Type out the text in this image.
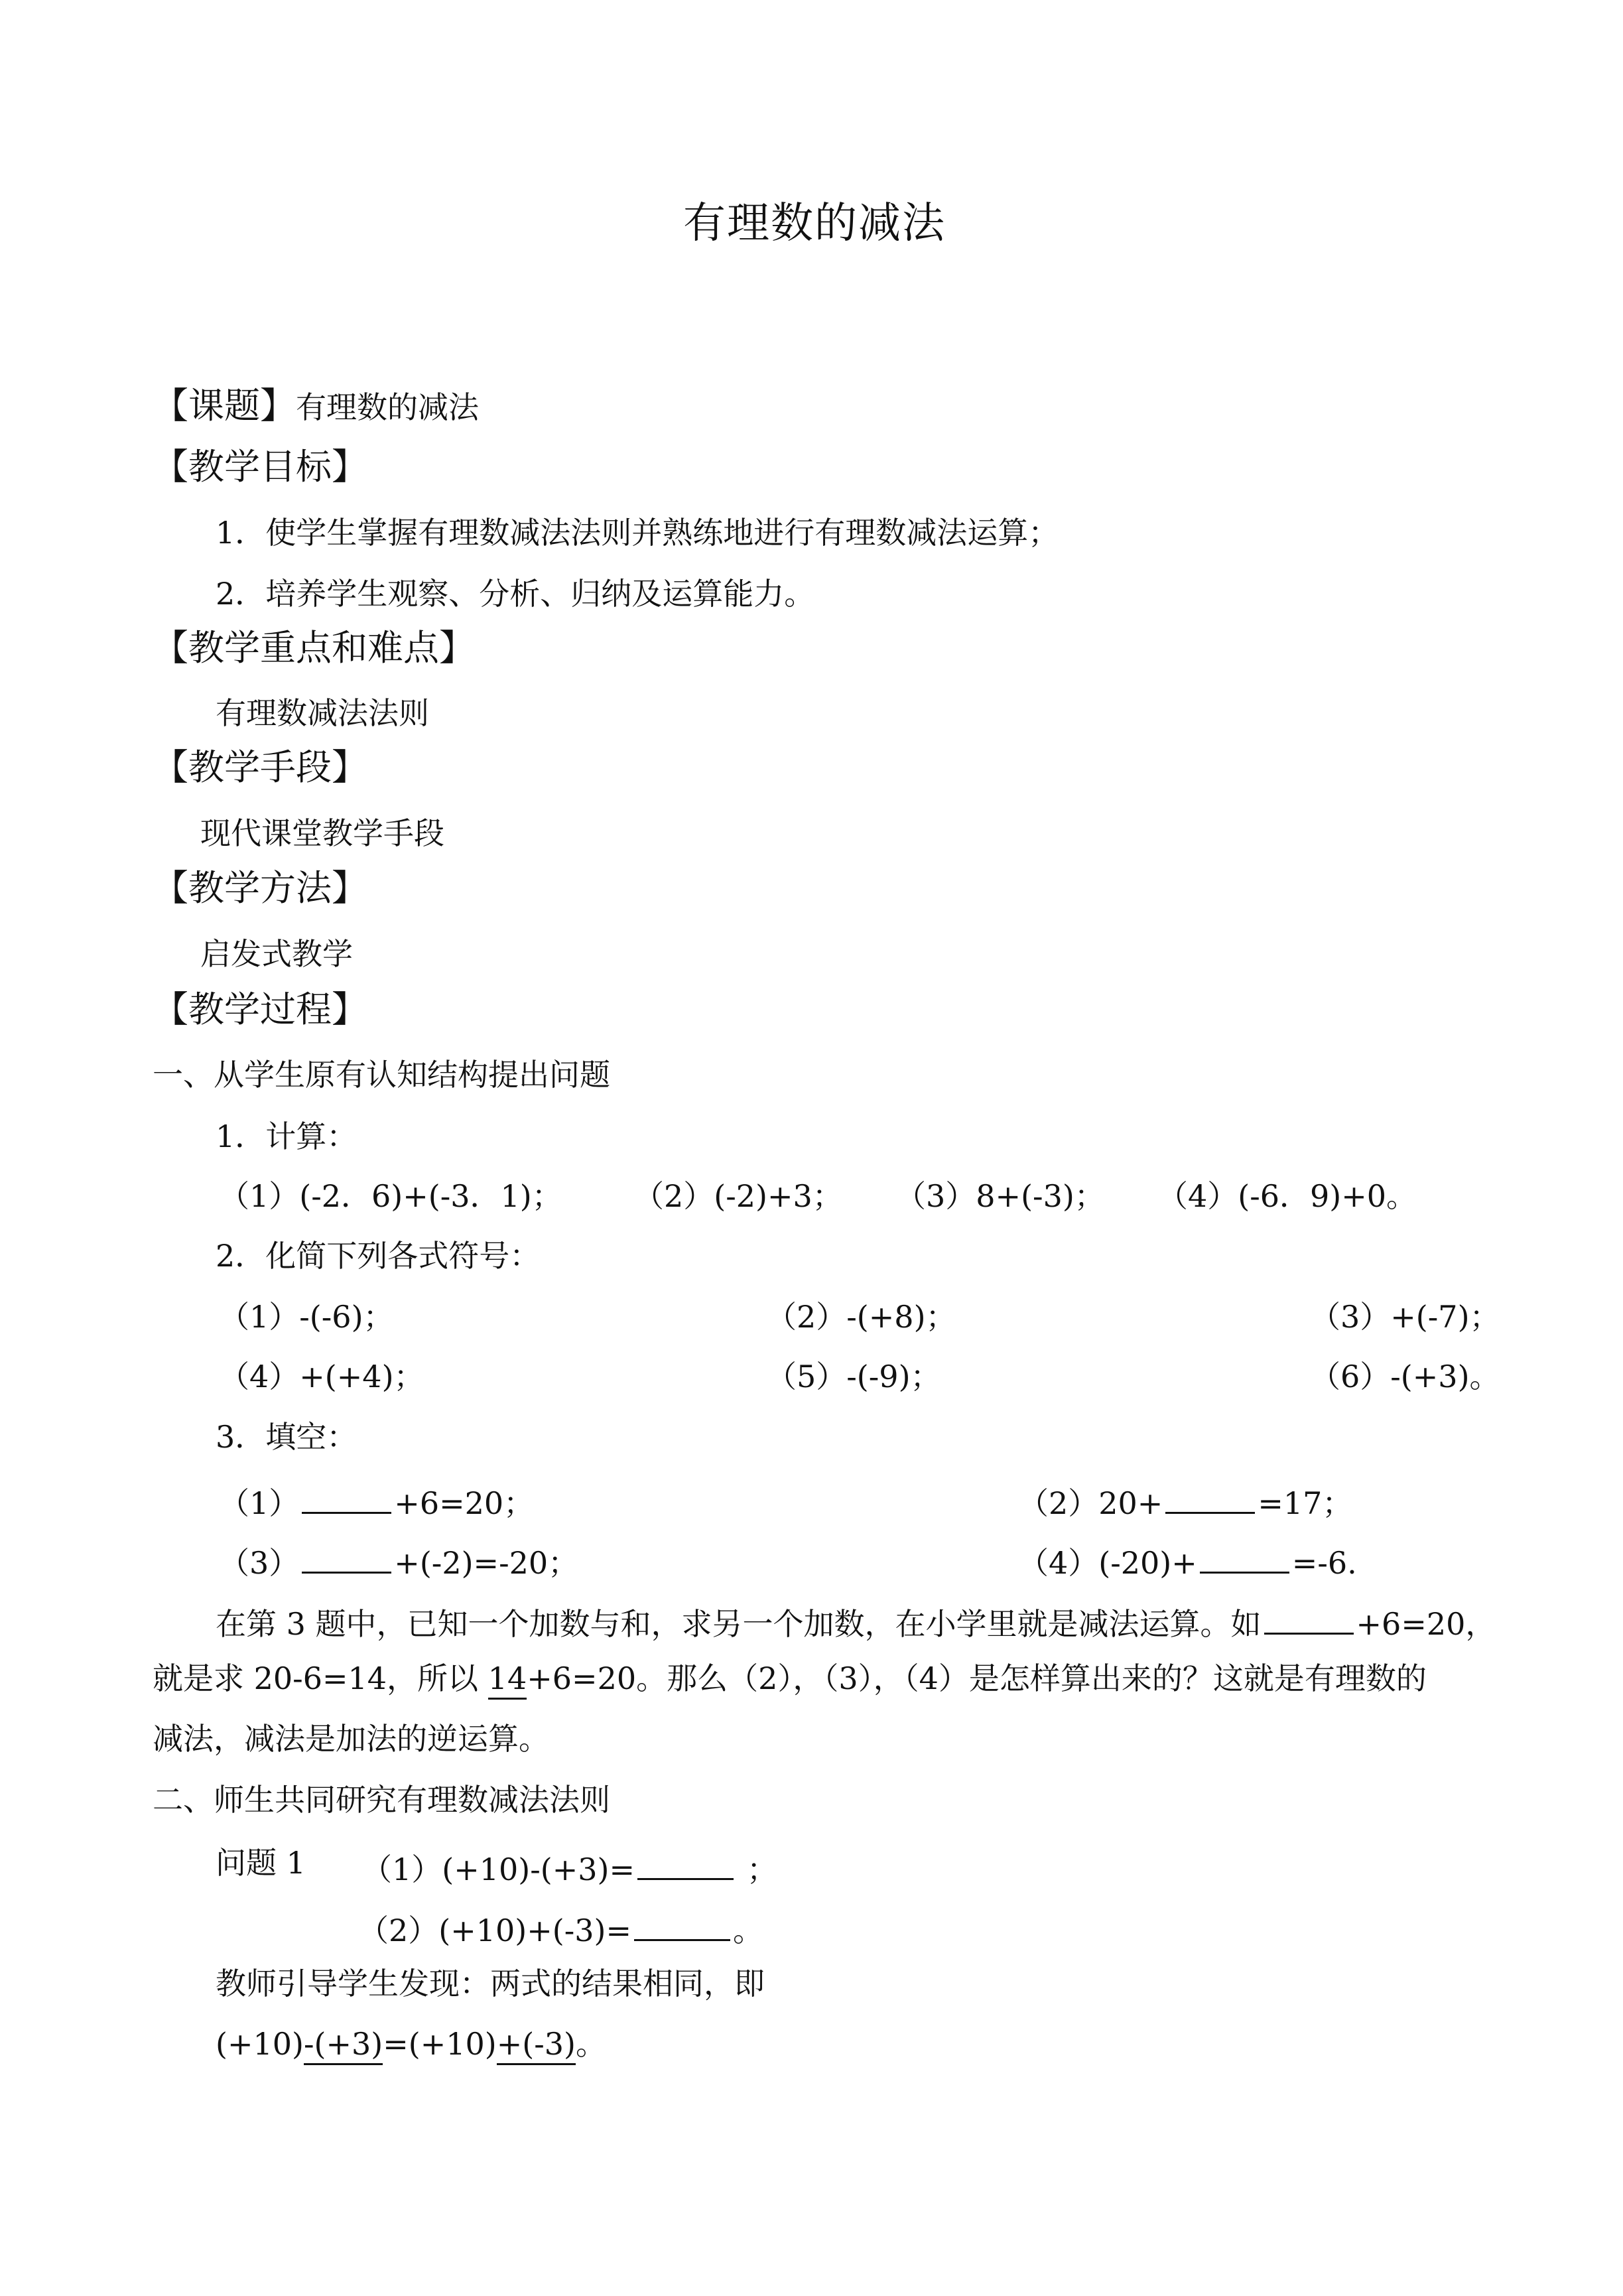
有理数的减法
【课题】有理数的减法
【教学目标】
1．使学生掌握有理数减法法则并熟练地进行有理数减法运算；
2．培养学生观察、分析、归纳及运算能力。
【教学重点和难点】
有理数减法法则
【教学手段】
现代课堂教学手段
【教学方法】
启发式教学
【教学过程】
一、从学生原有认知结构提出问题
1．计算：
（1）(-2．6)+(-3．1)； （2）(-2)+3； （3）8+(-3)； （4）(-6．9)+0。
2．化简下列各式符号：
（1）-(-6)；	（2）-(+8)；	（3）+(-7)；
（4）+(+4)；	（5）-(-9)；	（6）-(+3)。
3．填空：
（1）	+6=20；	（2）20+	=17；
（3）	+(-2)=-20；	（4）(-20)+	=-6.
在第 3 题中，已知一个加数与和，求另一个加数，在小学里就是减法运算。如	+6=20，
就是求 20-6=14，所以 14+6=20。那么（2），（3），（4）是怎样算出来的？这就是有理数的
减法，减法是加法的逆运算。
二、师生共同研究有理数减法法则
问题 1 （1）(+10)-(+3)=	；
（2）(+10)+(-3)=	。
教师引导学生发现：两式的结果相同，即
(+10)-(+3)=(+10)+(-3)。
